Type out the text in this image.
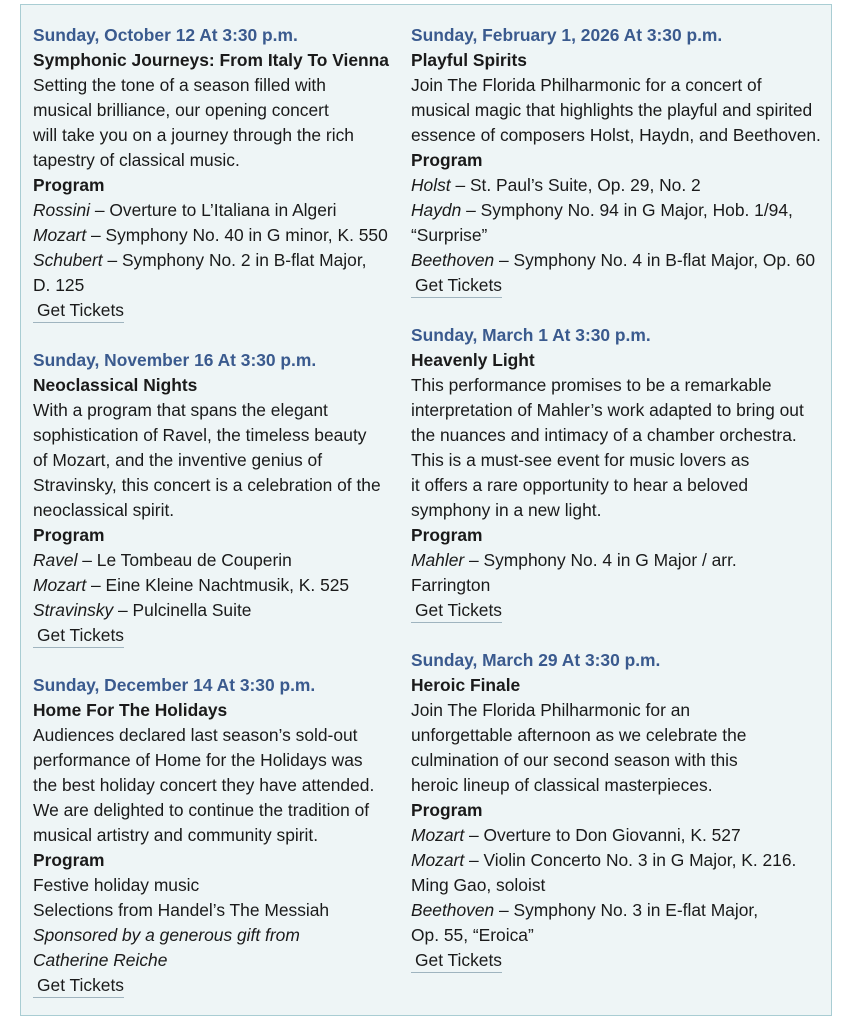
Sunday, October 12 At 3:30 p.m.
Symphonic Journeys: From Italy To Vienna
Setting the tone of a season filled with
musical brilliance, our opening concert
will take you on a journey through the rich
tapestry of classical music.
Program
Rossini – Overture to L’Italiana in Algeri
Mozart – Symphony No. 40 in G minor, K. 550
Schubert – Symphony No. 2 in B-flat Major,
D. 125
Get Tickets
Sunday, November 16 At 3:30 p.m.
Neoclassical Nights
With a program that spans the elegant
sophistication of Ravel, the timeless beauty
of Mozart, and the inventive genius of
Stravinsky, this concert is a celebration of the
neoclassical spirit.
Program
Ravel – Le Tombeau de Couperin
Mozart – Eine Kleine Nachtmusik, K. 525
Stravinsky – Pulcinella Suite
Get Tickets
Sunday, December 14 At 3:30 p.m.
Home For The Holidays
Audiences declared last season’s sold-out
performance of Home for the Holidays was
the best holiday concert they have attended.
We are delighted to continue the tradition of
musical artistry and community spirit.
Program
Festive holiday music
Selections from Handel’s The Messiah
Sponsored by a generous gift from
Catherine Reiche
Get Tickets
Sunday, February 1, 2026 At 3:30 p.m.
Playful Spirits
Join The Florida Philharmonic for a concert of
musical magic that highlights the playful and spirited
essence of composers Holst, Haydn, and Beethoven.
Program
Holst – St. Paul’s Suite, Op. 29, No. 2
Haydn – Symphony No. 94 in G Major, Hob. 1/94,
“Surprise”
Beethoven – Symphony No. 4 in B-flat Major, Op. 60
Get Tickets
Sunday, March 1 At 3:30 p.m.
Heavenly Light
This performance promises to be a remarkable
interpretation of Mahler’s work adapted to bring out
the nuances and intimacy of a chamber orchestra.
This is a must-see event for music lovers as
it offers a rare opportunity to hear a beloved
symphony in a new light.
Program
Mahler – Symphony No. 4 in G Major / arr.
Farrington
Get Tickets
Sunday, March 29 At 3:30 p.m.
Heroic Finale
Join The Florida Philharmonic for an
unforgettable afternoon as we celebrate the
culmination of our second season with this
heroic lineup of classical masterpieces.
Program
Mozart – Overture to Don Giovanni, K. 527
Mozart – Violin Concerto No. 3 in G Major, K. 216.
Ming Gao, soloist
Beethoven – Symphony No. 3 in E-flat Major,
Op. 55, “Eroica”
Get Tickets
